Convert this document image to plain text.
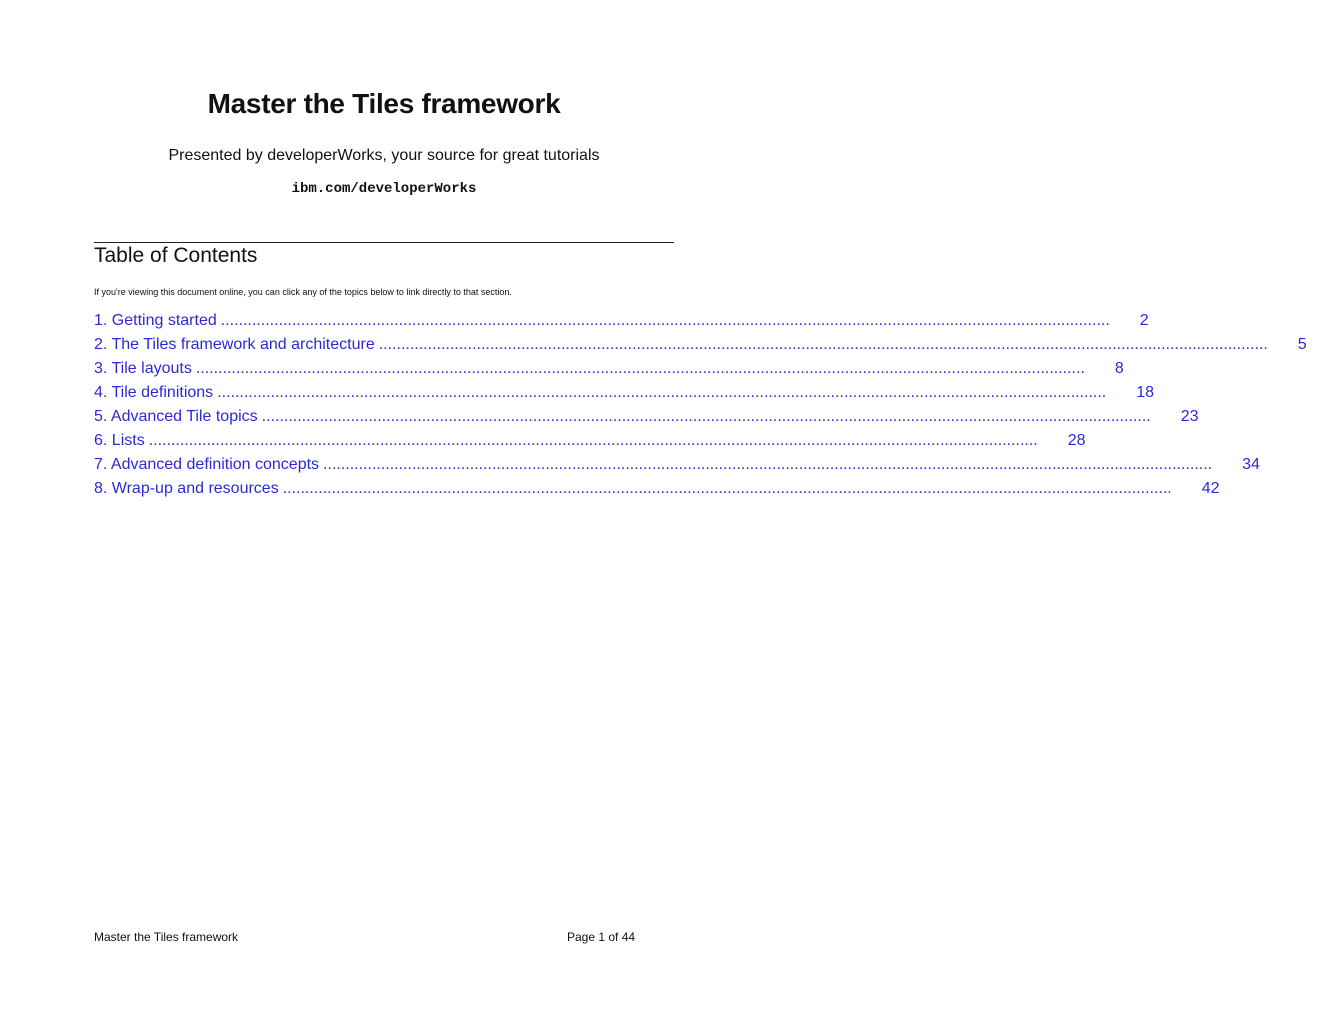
Master the Tiles framework

Presented by developerWorks, your source for great tutorials

ibm.com/developerWorks

Table of Contents

If you're viewing this document online, you can click any of the topics below to link directly to that section.

1. Getting started ........................................................................................................................................................................................................ 2
2. The Tiles framework and architecture ........................................................................................................................................................................................................ 5
3. Tile layouts ........................................................................................................................................................................................................ 8
4. Tile definitions ........................................................................................................................................................................................................ 18
5. Advanced Tile topics ........................................................................................................................................................................................................ 23
6. Lists ........................................................................................................................................................................................................ 28
7. Advanced definition concepts ........................................................................................................................................................................................................ 34
8. Wrap-up and resources ........................................................................................................................................................................................................ 42
Master the Tiles framework	Page 1 of 44
